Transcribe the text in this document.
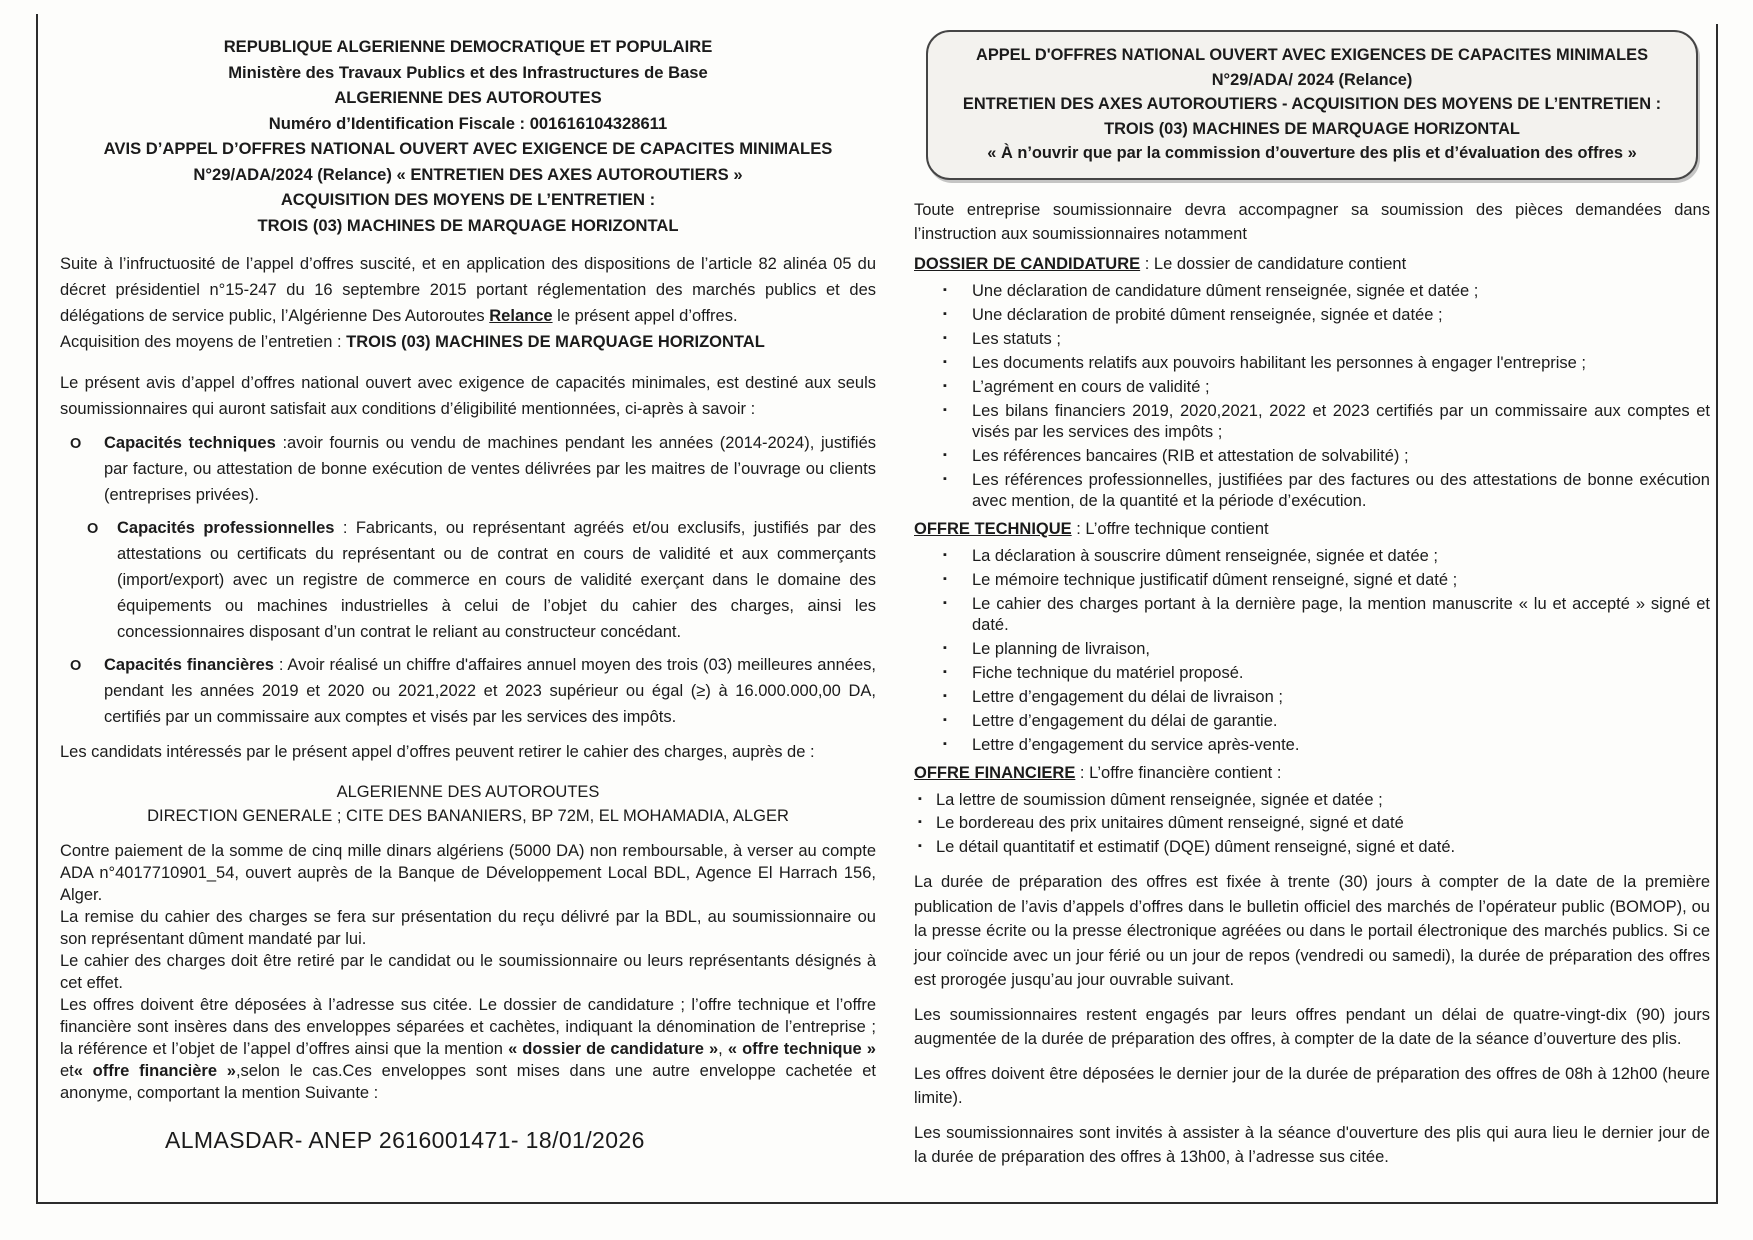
REPUBLIQUE ALGERIENNE DEMOCRATIQUE ET POPULAIRE
Ministère des Travaux Publics et des Infrastructures de Base
ALGERIENNE DES AUTOROUTES
Numéro d’Identification Fiscale : 001616104328611
AVIS D’APPEL D’OFFRES NATIONAL OUVERT AVEC EXIGENCE DE CAPACITES MINIMALES
N°29/ADA/2024 (Relance) « ENTRETIEN DES AXES AUTOROUTIERS »
ACQUISITION DES MOYENS DE L’ENTRETIEN :
TROIS (03) MACHINES DE MARQUAGE HORIZONTAL
Suite à l’infructuosité de l’appel d’offres suscité, et en application des dispositions de l’article 82 alinéa 05 du décret présidentiel n°15-247 du 16 septembre 2015 portant réglementation des marchés publics et des délégations de service public, l’Algérienne Des Autoroutes Relance le présent appel d’offres.
Acquisition des moyens de l’entretien : TROIS (03) MACHINES DE MARQUAGE HORIZONTAL
Le présent avis d’appel d’offres national ouvert avec exigence de capacités minimales, est destiné aux seuls soumissionnaires qui auront satisfait aux conditions d’éligibilité mentionnées, ci-après à savoir :
O Capacités techniques :avoir fournis ou vendu de machines pendant les années (2014-2024), justifiés par facture, ou attestation de bonne exécution de ventes délivrées par les maitres de l’ouvrage ou clients (entreprises privées).
O Capacités professionnelles : Fabricants, ou représentant agréés et/ou exclusifs, justifiés par des attestations ou certificats du représentant ou de contrat en cours de validité et aux commerçants (import/export) avec un registre de commerce en cours de validité exerçant dans le domaine des équipements ou machines industrielles à celui de l’objet du cahier des charges, ainsi les concessionnaires disposant d’un contrat le reliant au constructeur concédant.
O Capacités financières : Avoir réalisé un chiffre d'affaires annuel moyen des trois (03) meilleures années, pendant les années 2019 et 2020 ou 2021,2022 et 2023 supérieur ou égal (≥) à 16.000.000,00 DA, certifiés par un commissaire aux comptes et visés par les services des impôts.
Les candidats intéressés par le présent appel d’offres peuvent retirer le cahier des charges, auprès de :
ALGERIENNE DES AUTOROUTES
DIRECTION GENERALE ; CITE DES BANANIERS, BP 72M, EL MOHAMADIA, ALGER
Contre paiement de la somme de cinq mille dinars algériens (5000 DA) non remboursable, à verser au compte ADA n°4017710901_54, ouvert auprès de la Banque de Développement Local BDL, Agence El Harrach 156, Alger.
La remise du cahier des charges se fera sur présentation du reçu délivré par la BDL, au soumissionnaire ou son représentant dûment mandaté par lui.
Le cahier des charges doit être retiré par le candidat ou le soumissionnaire ou leurs représentants désignés à cet effet.
Les offres doivent être déposées à l’adresse sus citée. Le dossier de candidature ; l’offre technique et l’offre financière sont insères dans des enveloppes séparées et cachètes, indiquant la dénomination de l’entreprise ; la référence et l’objet de l’appel d’offres ainsi que la mention « dossier de candidature », « offre technique » et« offre financière »,selon le cas.Ces enveloppes sont mises dans une autre enveloppe cachetée et anonyme, comportant la mention Suivante :
ALMASDAR- ANEP 2616001471- 18/01/2026
APPEL D'OFFRES NATIONAL OUVERT AVEC EXIGENCES DE CAPACITES MINIMALES
N°29/ADA/ 2024 (Relance)
ENTRETIEN DES AXES AUTOROUTIERS - ACQUISITION DES MOYENS DE L’ENTRETIEN :
TROIS (03) MACHINES DE MARQUAGE HORIZONTAL
« À n’ouvrir que par la commission d’ouverture des plis et d’évaluation des offres »
Toute entreprise soumissionnaire devra accompagner sa soumission des pièces demandées dans l’instruction aux soumissionnaires notamment
DOSSIER DE CANDIDATURE : Le dossier de candidature contient
▪ Une déclaration de candidature dûment renseignée, signée et datée ;
▪ Une déclaration de probité dûment renseignée, signée et datée ;
▪ Les statuts ;
▪ Les documents relatifs aux pouvoirs habilitant les personnes à engager l'entreprise ;
▪ L’agrément en cours de validité ;
▪ Les bilans financiers 2019, 2020,2021, 2022 et 2023 certifiés par un commissaire aux comptes et visés par les services des impôts ;
▪ Les références bancaires (RIB et attestation de solvabilité) ;
▪ Les références professionnelles, justifiées par des factures ou des attestations de bonne exécution avec mention, de la quantité et la période d’exécution.
OFFRE TECHNIQUE : L’offre technique contient
▪ La déclaration à souscrire dûment renseignée, signée et datée ;
▪ Le mémoire technique justificatif dûment renseigné, signé et daté ;
▪ Le cahier des charges portant à la dernière page, la mention manuscrite « lu et accepté » signé et daté.
▪ Le planning de livraison,
▪ Fiche technique du matériel proposé.
▪ Lettre d’engagement du délai de livraison ;
▪ Lettre d’engagement du délai de garantie.
▪ Lettre d’engagement du service après-vente.
OFFRE FINANCIERE : L’offre financière contient :
▪ La lettre de soumission dûment renseignée, signée et datée ;
▪ Le bordereau des prix unitaires dûment renseigné, signé et daté
▪ Le détail quantitatif et estimatif (DQE) dûment renseigné, signé et daté.
La durée de préparation des offres est fixée à trente (30) jours à compter de la date de la première publication de l’avis d’appels d’offres dans le bulletin officiel des marchés de l’opérateur public (BOMOP), ou la presse écrite ou la presse électronique agréées ou dans le portail électronique des marchés publics. Si ce jour coïncide avec un jour férié ou un jour de repos (vendredi ou samedi), la durée de préparation des offres est prorogée jusqu’au jour ouvrable suivant.
Les soumissionnaires restent engagés par leurs offres pendant un délai de quatre-vingt-dix (90) jours augmentée de la durée de préparation des offres, à compter de la date de la séance d’ouverture des plis.
Les offres doivent être déposées le dernier jour de la durée de préparation des offres de 08h à 12h00 (heure limite).
Les soumissionnaires sont invités à assister à la séance d'ouverture des plis qui aura lieu le dernier jour de la durée de préparation des offres à 13h00, à l’adresse sus citée.
